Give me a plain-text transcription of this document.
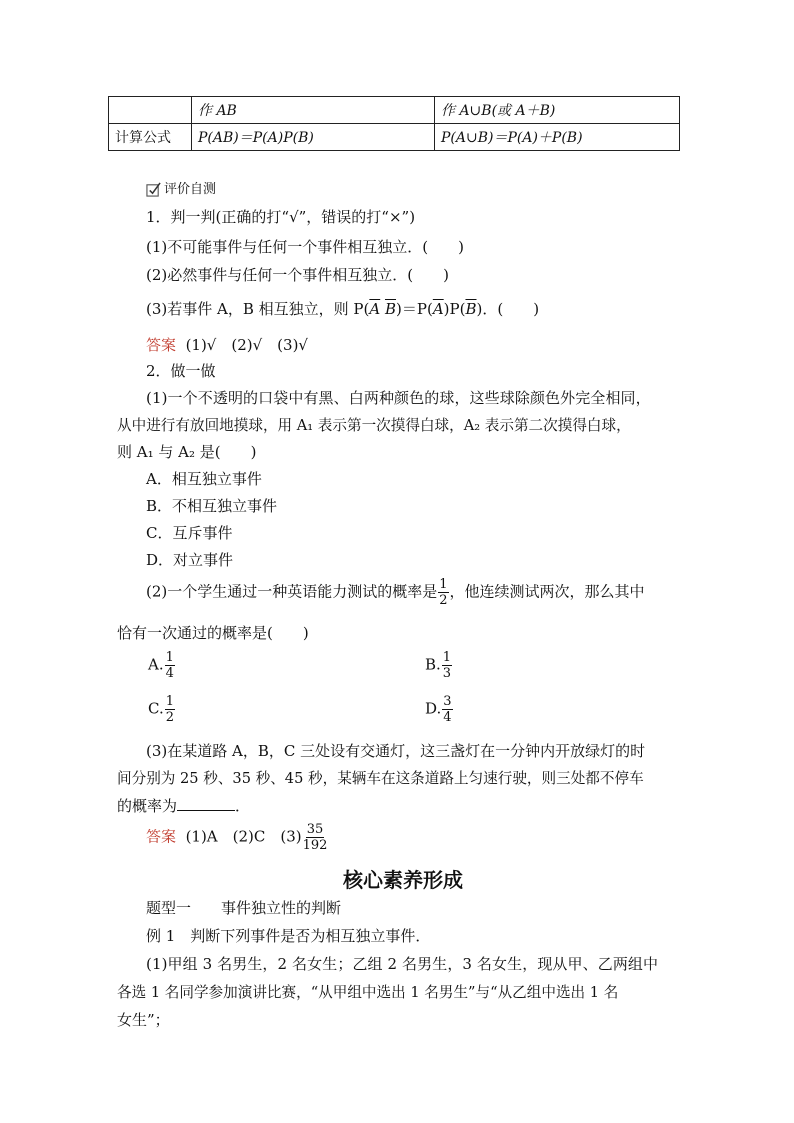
	作 AB	作 A∪B(或 A＋B)
计算公式	P(AB)＝P(A)P(B)	P(A∪B)＝P(A)＋P(B)
评价自测
1．判一判(正确的打“√”，错误的打“×”)
(1)不可能事件与任何一个事件相互独立．(　　)
(2)必然事件与任何一个事件相互独立．(　　)
(3)若事件 A，B 相互独立，则 $P(\overline{A}$ $\overline{B})=P(\overline{A})P(\overline{B})$．(　　)
答案 (1)√　(2)√　(3)√
2．做一做
(1)一个不透明的口袋中有黑、白两种颜色的球，这些球除颜色外完全相同，
从中进行有放回地摸球，用 A₁ 表示第一次摸得白球，A₂ 表示第二次摸得白球，
则 A₁ 与 A₂ 是(　　)
A．相互独立事件
B．不相互独立事件
C．互斥事件
D．对立事件
(2)一个学生通过一种英语能力测试的概率是 $\frac{1}{2}$ ，他连续测试两次，那么其中
恰有一次通过的概率是(　　)
A. $\frac{1}{4}$	B. $\frac{1}{3}$
C. $\frac{1}{2}$	D. $\frac{3}{4}$
(3)在某道路 A，B，C 三处设有交通灯，这三盏灯在一分钟内开放绿灯的时
间分别为 25 秒、35 秒、45 秒，某辆车在这条道路上匀速行驶，则三处都不停车
的概率为	．
答案 (1)A　(2)C　$(3) \frac{35}{192}$
核心素养形成
题型一　　事件独立性的判断
例 1　判断下列事件是否为相互独立事件．
(1)甲组 3 名男生，2 名女生；乙组 2 名男生，3 名女生，现从甲、乙两组中
各选 1 名同学参加演讲比赛，“从甲组中选出 1 名男生”与“从乙组中选出 1 名
女生”；
